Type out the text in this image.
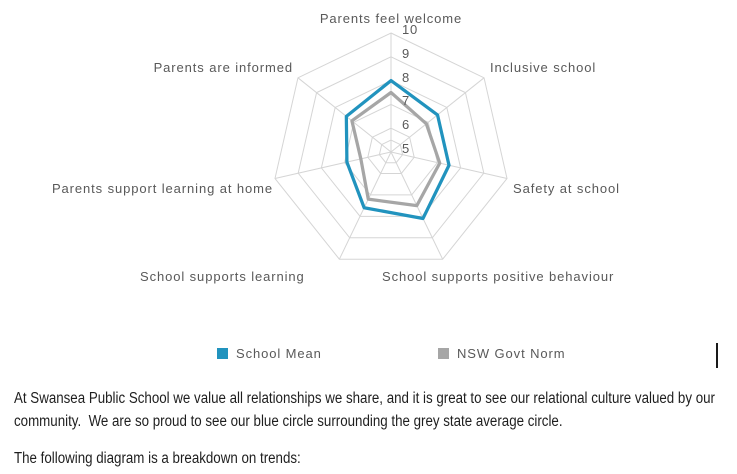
Parents feel welcome
Inclusive school
Safety at school
School supports positive behaviour
School supports learning
Parents support learning at home
Parents are informed
10
9
8
7
6
5
School Mean	NSW Govt Norm

At Swansea Public School we value all relationships we share, and it is great to see our relational culture valued by our community.  We are so proud to see our blue circle surrounding the grey state average circle.

The following diagram is a breakdown on trends:
